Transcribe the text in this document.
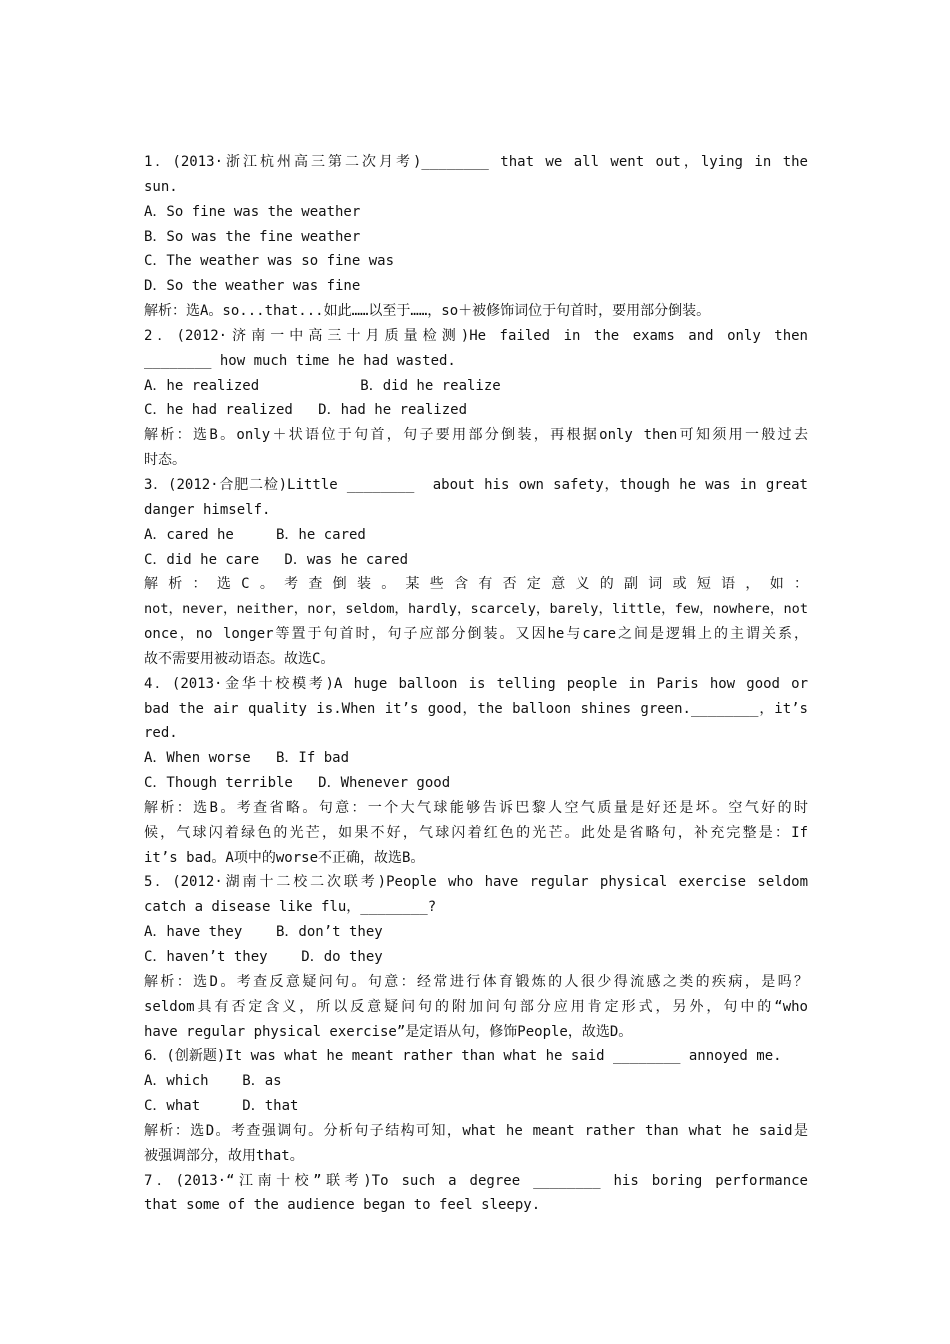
1．(2013·浙江杭州高三第二次月考)________ that we all went out，lying in the
sun.
A．So fine was the weather
B．So was the fine weather
C．The weather was so fine was
D．So the weather was fine
解析：选A。so...that...如此……以至于……，so＋被修饰词位于句首时，要用部分倒装。
2．(2012·济南一中高三十月质量检测)He failed in the exams and only then
________ how much time he had wasted.
A．he realized            B．did he realize
C．he had realized   D．had he realized
解析：选B。only＋状语位于句首，句子要用部分倒装，再根据only then可知须用一般过去
时态。
3．(2012·合肥二检)Little ________  about his own safety，though he was in great
danger himself.
A．cared he     B．he cared
C．did he care   D．was he cared
解析：选C。考查倒装。某些含有否定意义的副词或短语，如：
not，never，neither，nor，seldom，hardly，scarcely，barely，little，few，nowhere，not
once，no longer等置于句首时，句子应部分倒装。又因he与care之间是逻辑上的主谓关系，
故不需要用被动语态。故选C。
4．(2013·金华十校模考)A huge balloon is telling people in Paris how good or
bad the air quality is.When it’s good，the balloon shines green.________，it’s
red.
A．When worse   B．If bad
C．Though terrible   D．Whenever good
解析：选B。考查省略。句意：一个大气球能够告诉巴黎人空气质量是好还是坏。空气好的时
候，气球闪着绿色的光芒，如果不好，气球闪着红色的光芒。此处是省略句，补充完整是：If
it’s bad。A项中的worse不正确，故选B。
5．(2012·湖南十二校二次联考)People who have regular physical exercise seldom
catch a disease like flu，________?
A．have they    B．don’t they
C．haven’t they    D．do they
解析：选D。考查反意疑问句。句意：经常进行体育锻炼的人很少得流感之类的疾病，是吗？
seldom具有否定含义，所以反意疑问句的附加问句部分应用肯定形式，另外，句中的“who
have regular physical exercise”是定语从句，修饰People，故选D。
6．(创新题)It was what he meant rather than what he said ________ annoyed me.
A．which    B．as
C．what     D．that
解析：选D。考查强调句。分析句子结构可知，what he meant rather than what he said是
被强调部分，故用that。
7．(2013·“江南十校”联考)To such a degree ________ his boring performance
that some of the audience began to feel sleepy.
